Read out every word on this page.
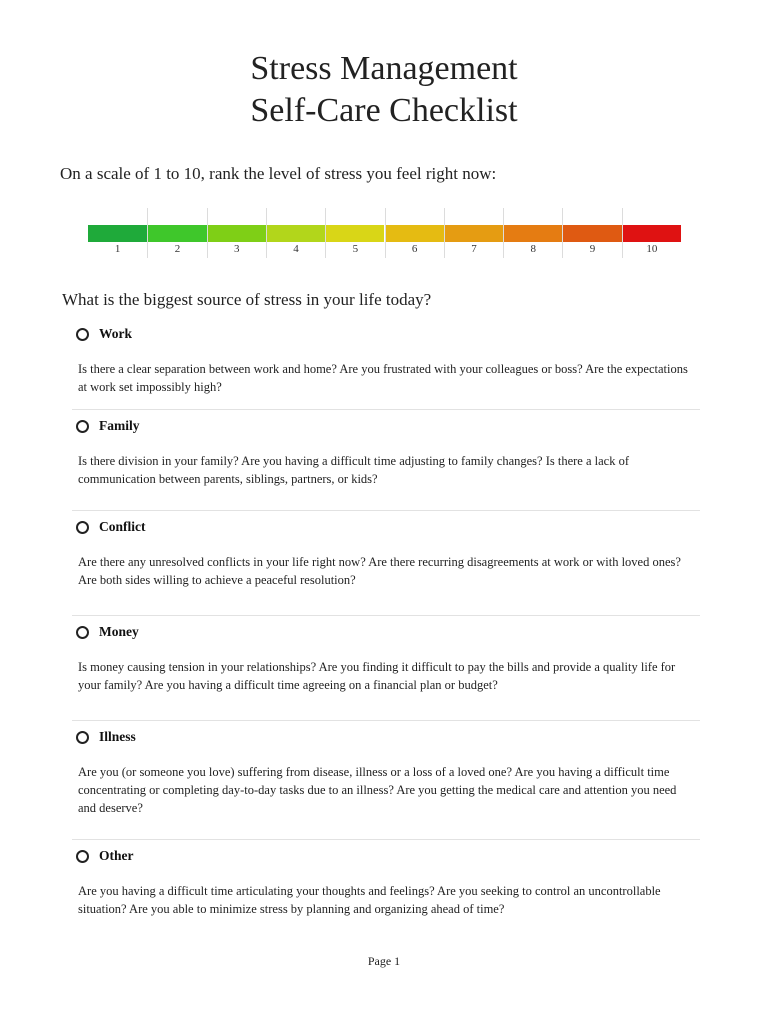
Stress Management
Self-Care Checklist
On a scale of 1 to 10, rank the level of stress you feel right now:
1	2	3	4	5	6	7	8	9	10
What is the biggest source of stress in your life today?
Work
Is there a clear separation between work and home? Are you frustrated with your colleagues or boss? Are the expectations at work set impossibly high?
Family
Is there division in your family? Are you having a difficult time adjusting to family changes? Is there a lack of communication between parents, siblings, partners, or kids?
Conflict
Are there any unresolved conflicts in your life right now? Are there recurring disagreements at work or with loved ones? Are both sides willing to achieve a peaceful resolution?
Money
Is money causing tension in your relationships? Are you finding it difficult to pay the bills and provide a quality life for your family? Are you having a difficult time agreeing on a financial plan or budget?
Illness
Are you (or someone you love) suffering from disease, illness or a loss of a loved one? Are you having a difficult time concentrating or completing day-to-day tasks due to an illness? Are you getting the medical care and attention you need and deserve?
Other
Are you having a difficult time articulating your thoughts and feelings? Are you seeking to control an uncontrollable situation? Are you able to minimize stress by planning and organizing ahead of time?
Page 1
